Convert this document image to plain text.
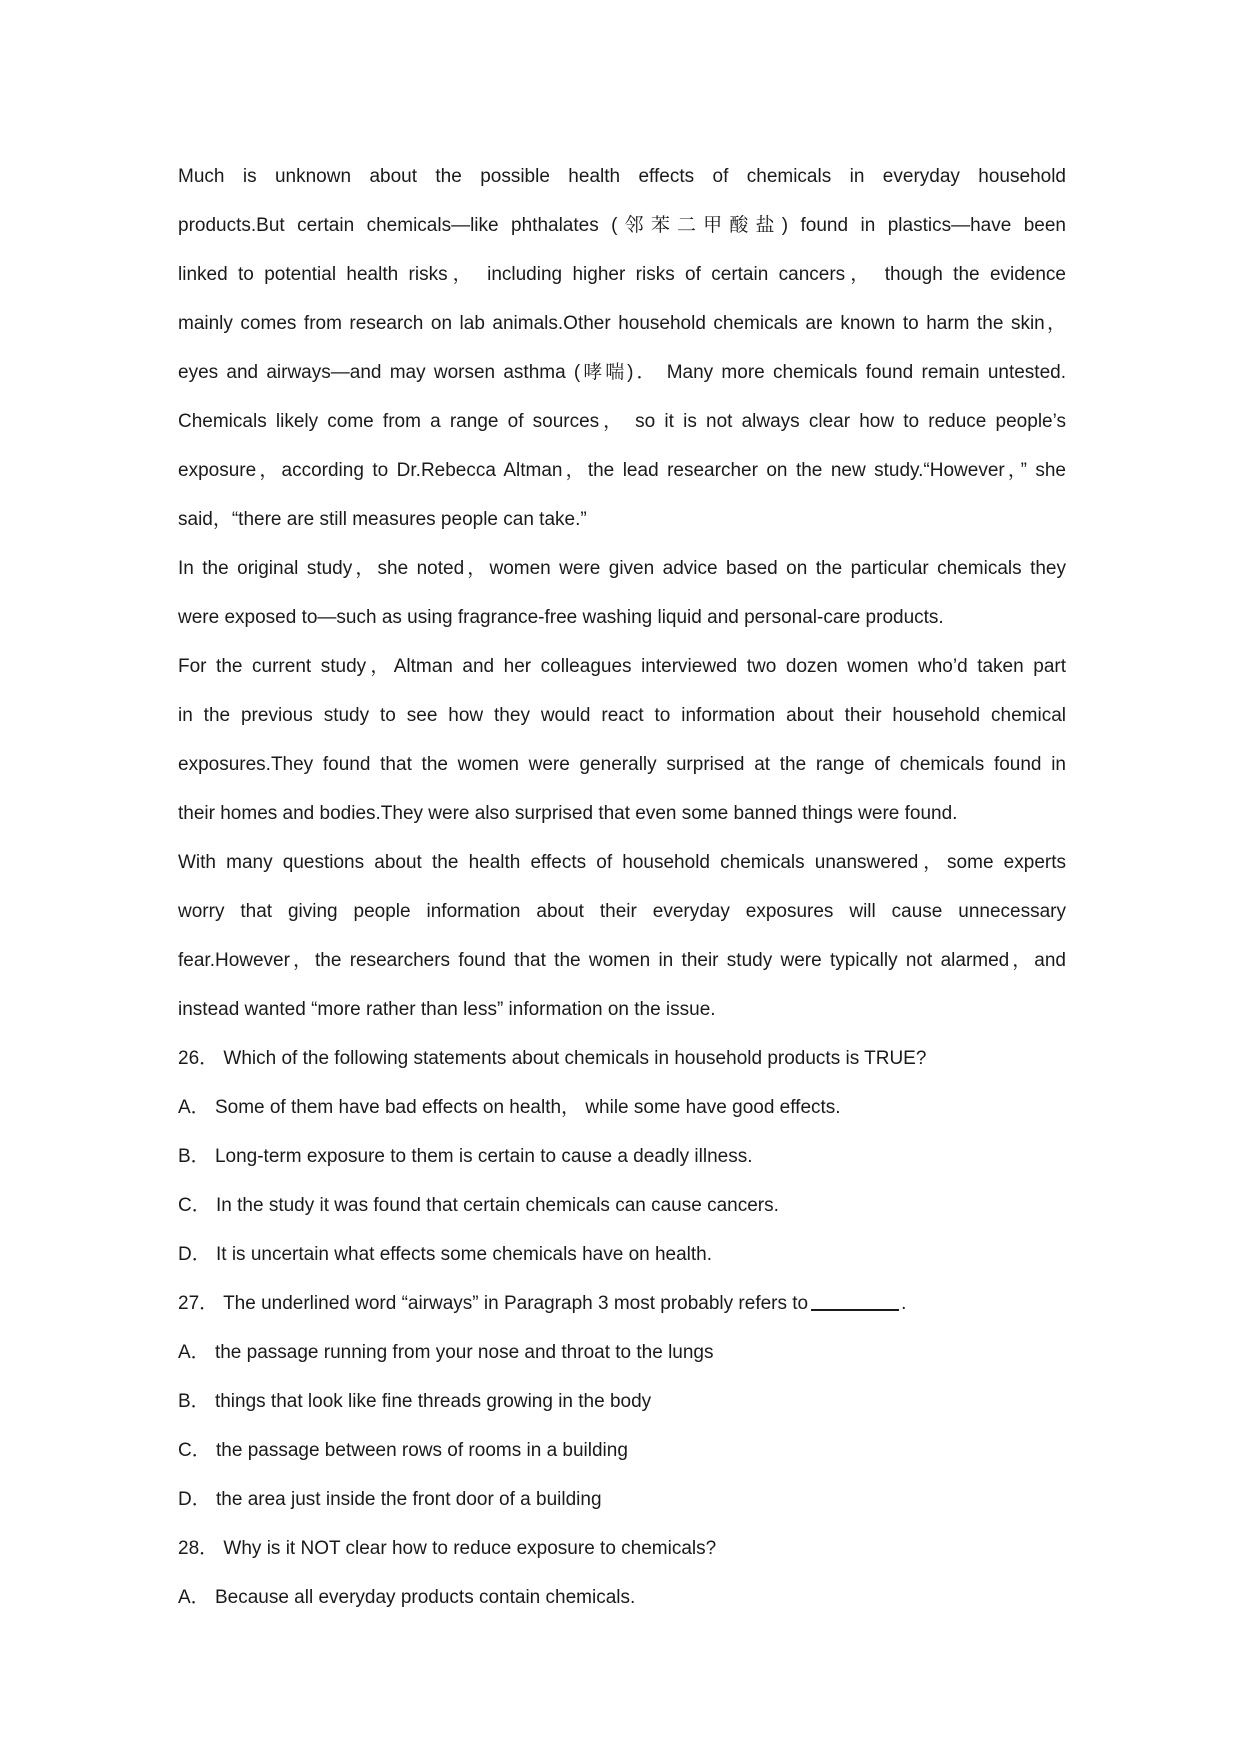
Much is unknown about the possible health effects of chemicals in everyday household
products.But certain chemicals—like phthalates (邻苯二甲酸盐) found in plastics—have been
linked to potential health risks， including higher risks of certain cancers， though the evidence
mainly comes from research on lab animals.Other household chemicals are known to harm the skin，
eyes and airways—and may worsen asthma (哮喘)． Many more chemicals found remain untested.
Chemicals likely come from a range of sources， so it is not always clear how to reduce people’s
exposure，according to Dr.Rebecca Altman，the lead researcher on the new study.“However，” she
said，“there are still measures people can take.”
In the original study，she noted，women were given advice based on the particular chemicals they
were exposed to—such as using fragrance-free washing liquid and personal-care products.
For the current study，Altman and her colleagues interviewed two dozen women who’d taken part
in the previous study to see how they would react to information about their household chemical
exposures.They found that the women were generally surprised at the range of chemicals found in
their homes and bodies.They were also surprised that even some banned things were found.
With many questions about the health effects of household chemicals unanswered，some experts
worry that giving people information about their everyday exposures will cause unnecessary
fear.However，the researchers found that the women in their study were typically not alarmed，and
instead wanted “more rather than less” information on the issue.
26． Which of the following statements about chemicals in household products is TRUE?
A． Some of them have bad effects on health， while some have good effects.
B． Long-term exposure to them is certain to cause a deadly illness.
C． In the study it was found that certain chemicals can cause cancers.
D． It is uncertain what effects some chemicals have on health.
27． The underlined word “airways” in Paragraph 3 most probably refers to	.
A． the passage running from your nose and throat to the lungs
B． things that look like fine threads growing in the body
C． the passage between rows of rooms in a building
D． the area just inside the front door of a building
28． Why is it NOT clear how to reduce exposure to chemicals?
A． Because all everyday products contain chemicals.
